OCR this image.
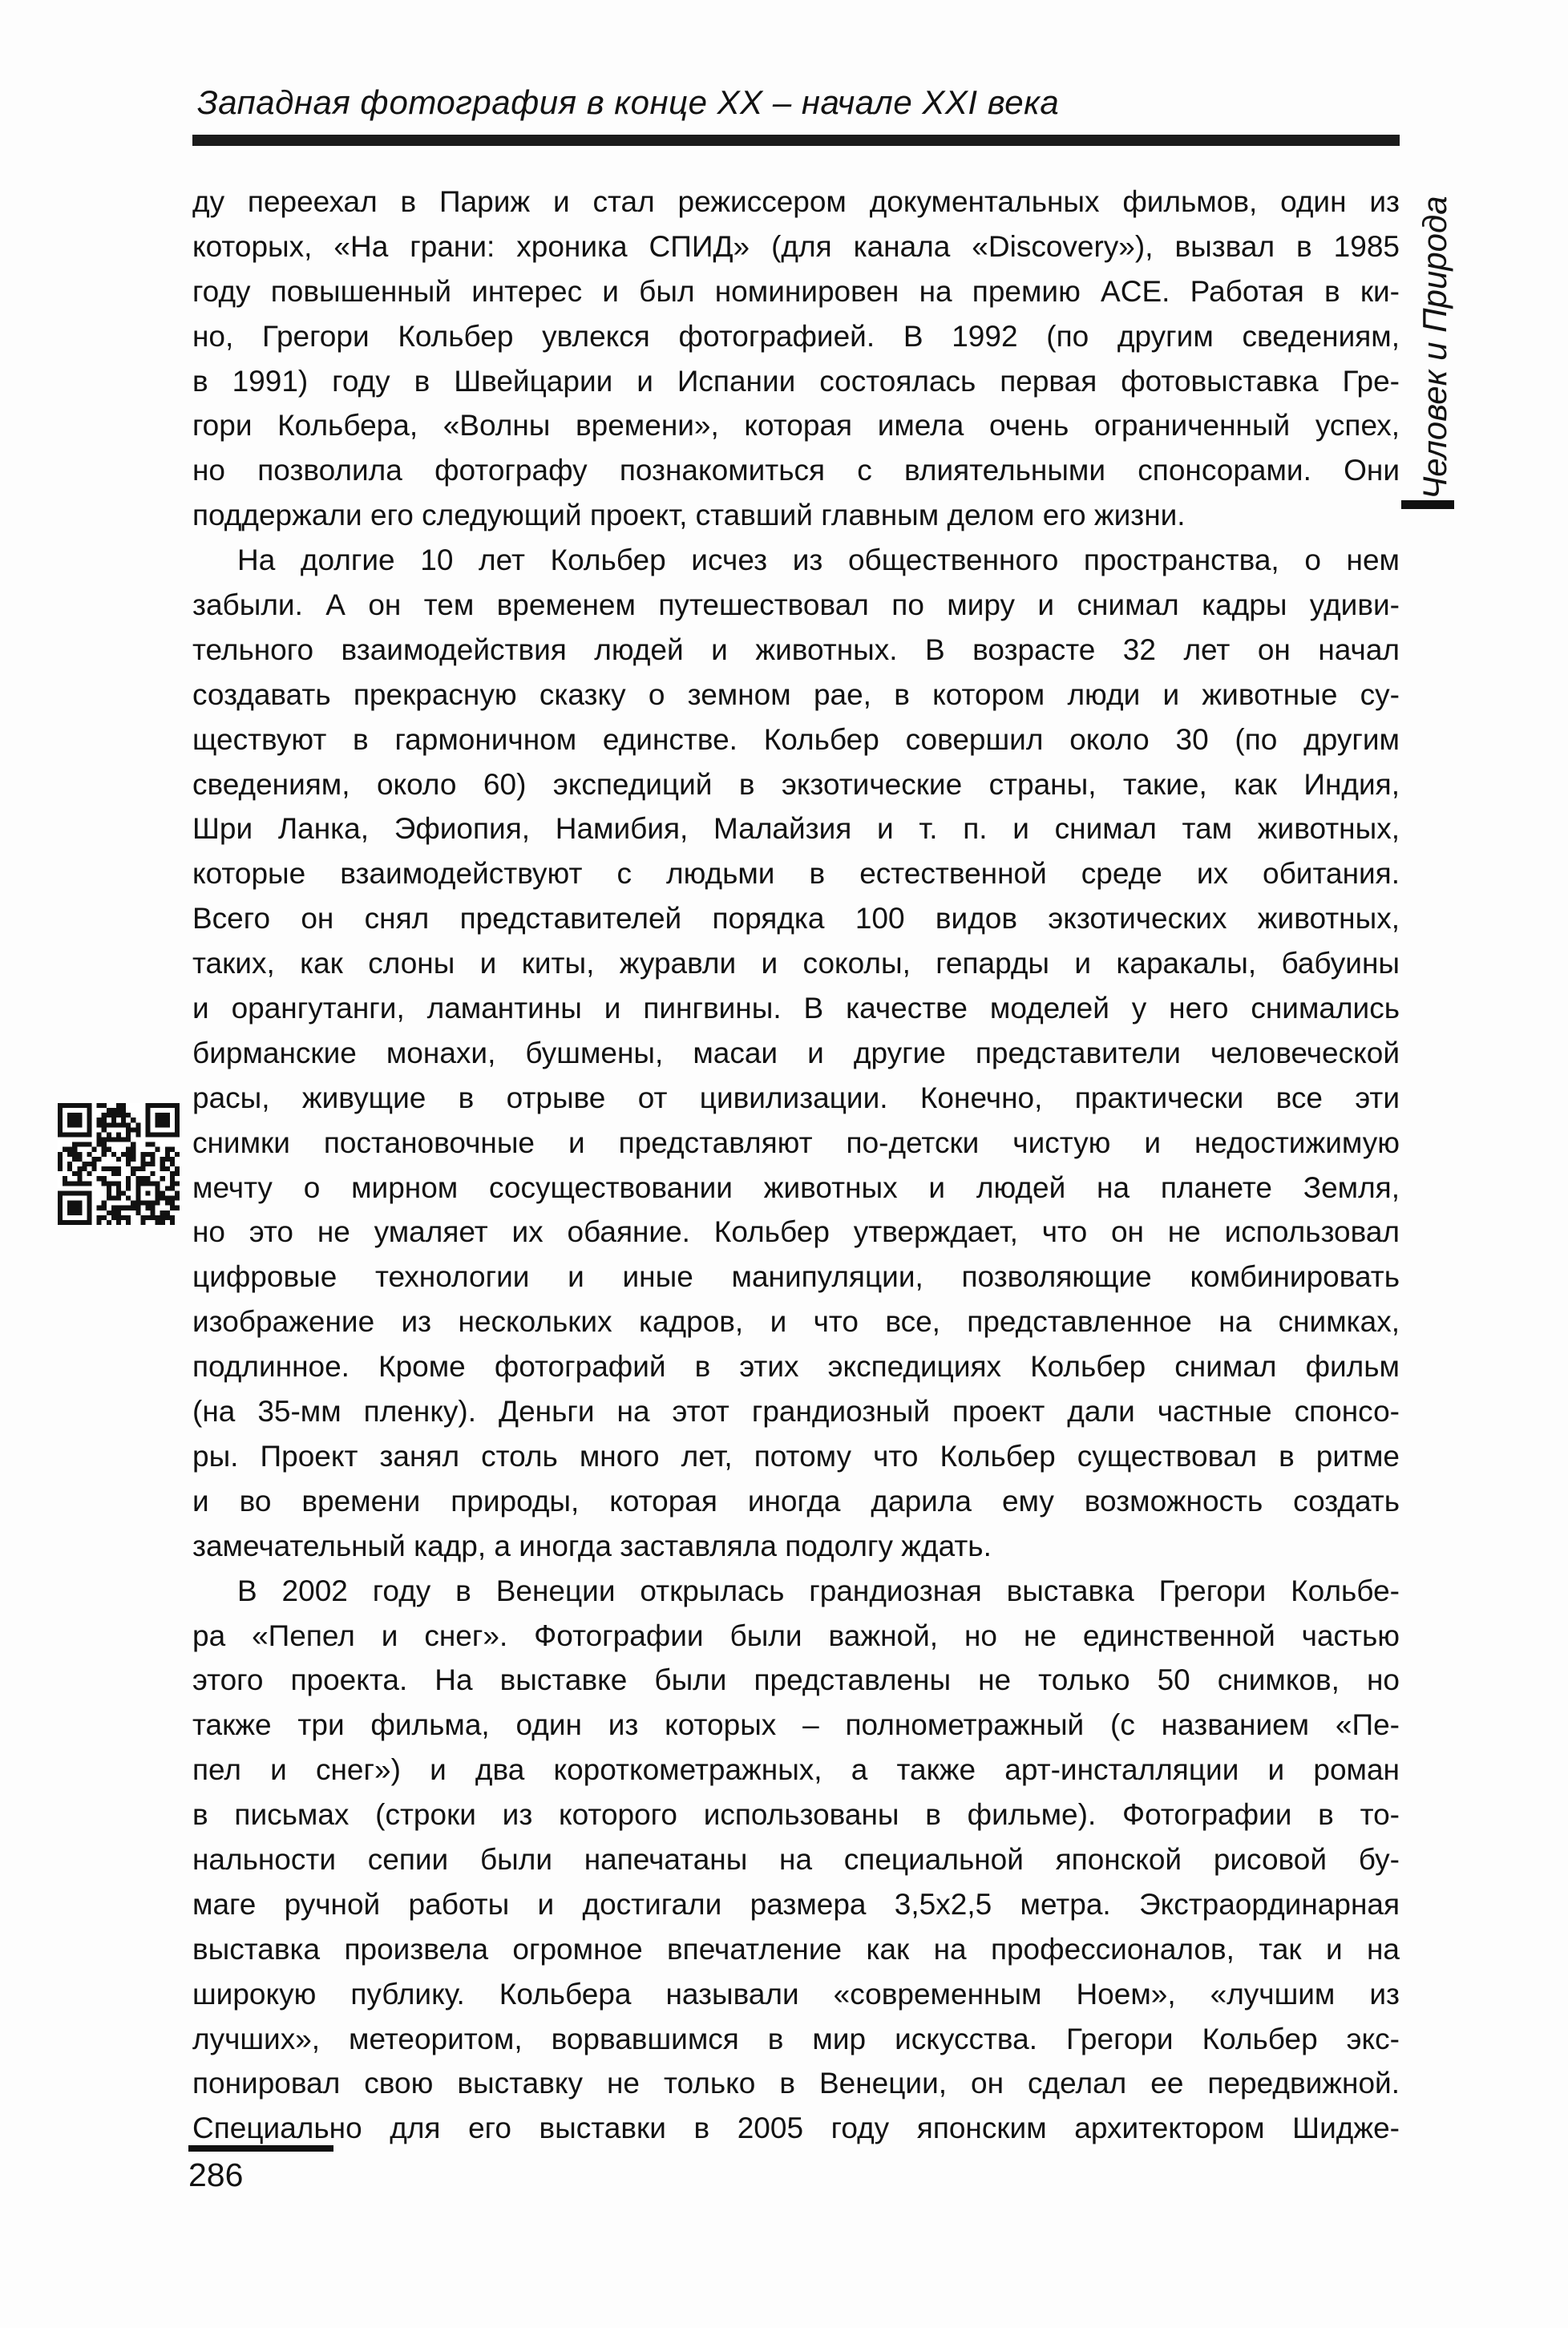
Западная фотография в конце XX – начале XXI века
ду переехал в Париж и стал режиссером документальных фильмов, один из
которых, «На грани: хроника СПИД» (для канала «Discovery»), вызвал в 1985
году повышенный интерес и был номинировен на премию ACE. Работая в ки-
но, Грегори Кольбер увлекся фотографией. В 1992 (по другим сведениям,
в 1991) году в Швейцарии и Испании состоялась первая фотовыставка Гре-
гори Кольбера, «Волны времени», которая имела очень ограниченный успех,
но позволила фотографу познакомиться с влиятельными спонсорами. Они
поддержали его следующий проект, ставший главным делом его жизни.
На долгие 10 лет Кольбер исчез из общественного пространства, о нем
забыли. А он тем временем путешествовал по миру и снимал кадры удиви-
тельного взаимодействия людей и животных. В возрасте 32 лет он начал
создавать прекрасную сказку о земном рае, в котором люди и животные су-
ществуют в гармоничном единстве. Кольбер совершил около 30 (по другим
сведениям, около 60) экспедиций в экзотические страны, такие, как Индия,
Шри Ланка, Эфиопия, Намибия, Малайзия и т. п. и снимал там животных,
которые взаимодействуют с людьми в естественной среде их обитания.
Всего он снял представителей порядка 100 видов экзотических животных,
таких, как слоны и киты, журавли и соколы, гепарды и каракалы, бабуины
и орангутанги, ламантины и пингвины. В качестве моделей у него снимались
бирманские монахи, бушмены, масаи и другие представители человеческой
расы, живущие в отрыве от цивилизации. Конечно, практически все эти
снимки постановочные и представляют по-детски чистую и недостижимую
мечту о мирном сосуществовании животных и людей на планете Земля,
но это не умаляет их обаяние. Кольбер утверждает, что он не использовал
цифровые технологии и иные манипуляции, позволяющие комбинировать
изображение из нескольких кадров, и что все, представленное на снимках,
подлинное. Кроме фотографий в этих экспедициях Кольбер снимал фильм
(на 35-мм пленку). Деньги на этот грандиозный проект дали частные спонсо-
ры. Проект занял столь много лет, потому что Кольбер существовал в ритме
и во времени природы, которая иногда дарила ему возможность создать
замечательный кадр, а иногда заставляла подолгу ждать.
В 2002 году в Венеции открылась грандиозная выставка Грегори Кольбе-
ра «Пепел и снег». Фотографии были важной, но не единственной частью
этого проекта. На выставке были представлены не только 50 снимков, но
также три фильма, один из которых – полнометражный (с названием «Пе-
пел и снег») и два короткометражных, а также арт-инсталляции и роман
в письмах (строки из которого использованы в фильме). Фотографии в то-
нальности сепии были напечатаны на специальной японской рисовой бу-
маге ручной работы и достигали размера 3,5х2,5 метра. Экстраординарная
выставка произвела огромное впечатление как на профессионалов, так и на
широкую публику. Кольбера называли «современным Ноем», «лучшим из
лучших», метеоритом, ворвавшимся в мир искусства. Грегори Кольбер экс-
понировал свою выставку не только в Венеции, он сделал ее передвижной.
Специально для его выставки в 2005 году японским архитектором Шидже-
Человек и Природа
286
